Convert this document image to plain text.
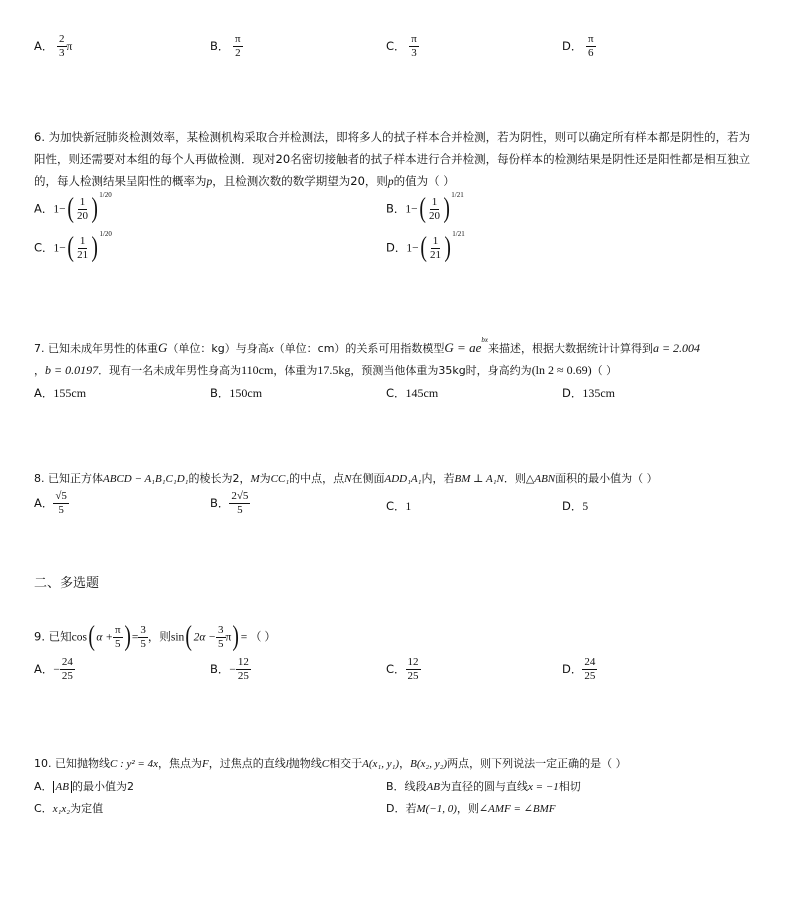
A． $\frac{2}{3}$ π	B． $\frac{\pi}{2}$	C． $\frac{\pi}{3}$	D． $\frac{\pi}{6}$
6. 为加快新冠肺炎检测效率，某检测机构采取合并检测法，即将多人的拭子样本合并检测，若为阴性，则可以确定所有样本都是阴性的，若为
阳性，则还需要对本组的每个人再做检测．现对20名密切接触者的拭子样本进行合并检测，每份样本的检测结果是阴性还是阳性都是相互独立
的，每人检测结果呈阳性的概率为p，且检测次数的数学期望为20，则p的值为（ ）
A．$1-( \frac{1}{20} )^{1/20}$
B．$1-( \frac{1}{20} )^{1/21}$
C．$1-( \frac{1}{21} )^{1/20}$
D．$1-( \frac{1}{21} )^{1/21}$
7. 已知未成年男性的体重G（单位：kg）与身高x（单位：cm）的关系可用指数模型$G = ae^{bx}$来描述，根据大数据统计计算得到a = 2.004
，b = 0.0197．现有一名未成年男性身高为110cm，体重为17.5kg，预测当他体重为35kg时，身高约为(ln 2 ≈ 0.69)（ ）
A．155cm	B．150cm	C．145cm	D．135cm
8. 已知正方体ABCD − A₁B₁C₁D₁的棱长为2，M为CC₁的中点，点N在侧面ADD₁A₁内，若BM ⊥ A₁N．则△ABN面积的最小值为（ ）
A． $\frac{√5}{5}$	B． $\frac{2√5}{5}$	C．1	D．5
二、多选题
9. 已知$\cos(\alpha + \frac{\pi}{5}$ )= $\frac{3}{5}$ ，则$\sin(2\alpha - \frac{3}{5} \pi)=$ （ ）
A．− $\frac{24}{25}$	B．− $\frac{12}{25}$	C． $\frac{12}{25}$	D． $\frac{24}{25}$
10. 已知抛物线C : y² = 4x，焦点为F，过焦点的直线l抛物线C相交于A(x₁, y₁)，B(x₂, y₂)两点，则下列说法一定正确的是（ ）
A． AB 的最小值为2	B．线段AB为直径的圆与直线x = −1相切
C．x₁x₂为定值	D．若M(−1, 0)，则∠AMF = ∠BMF
